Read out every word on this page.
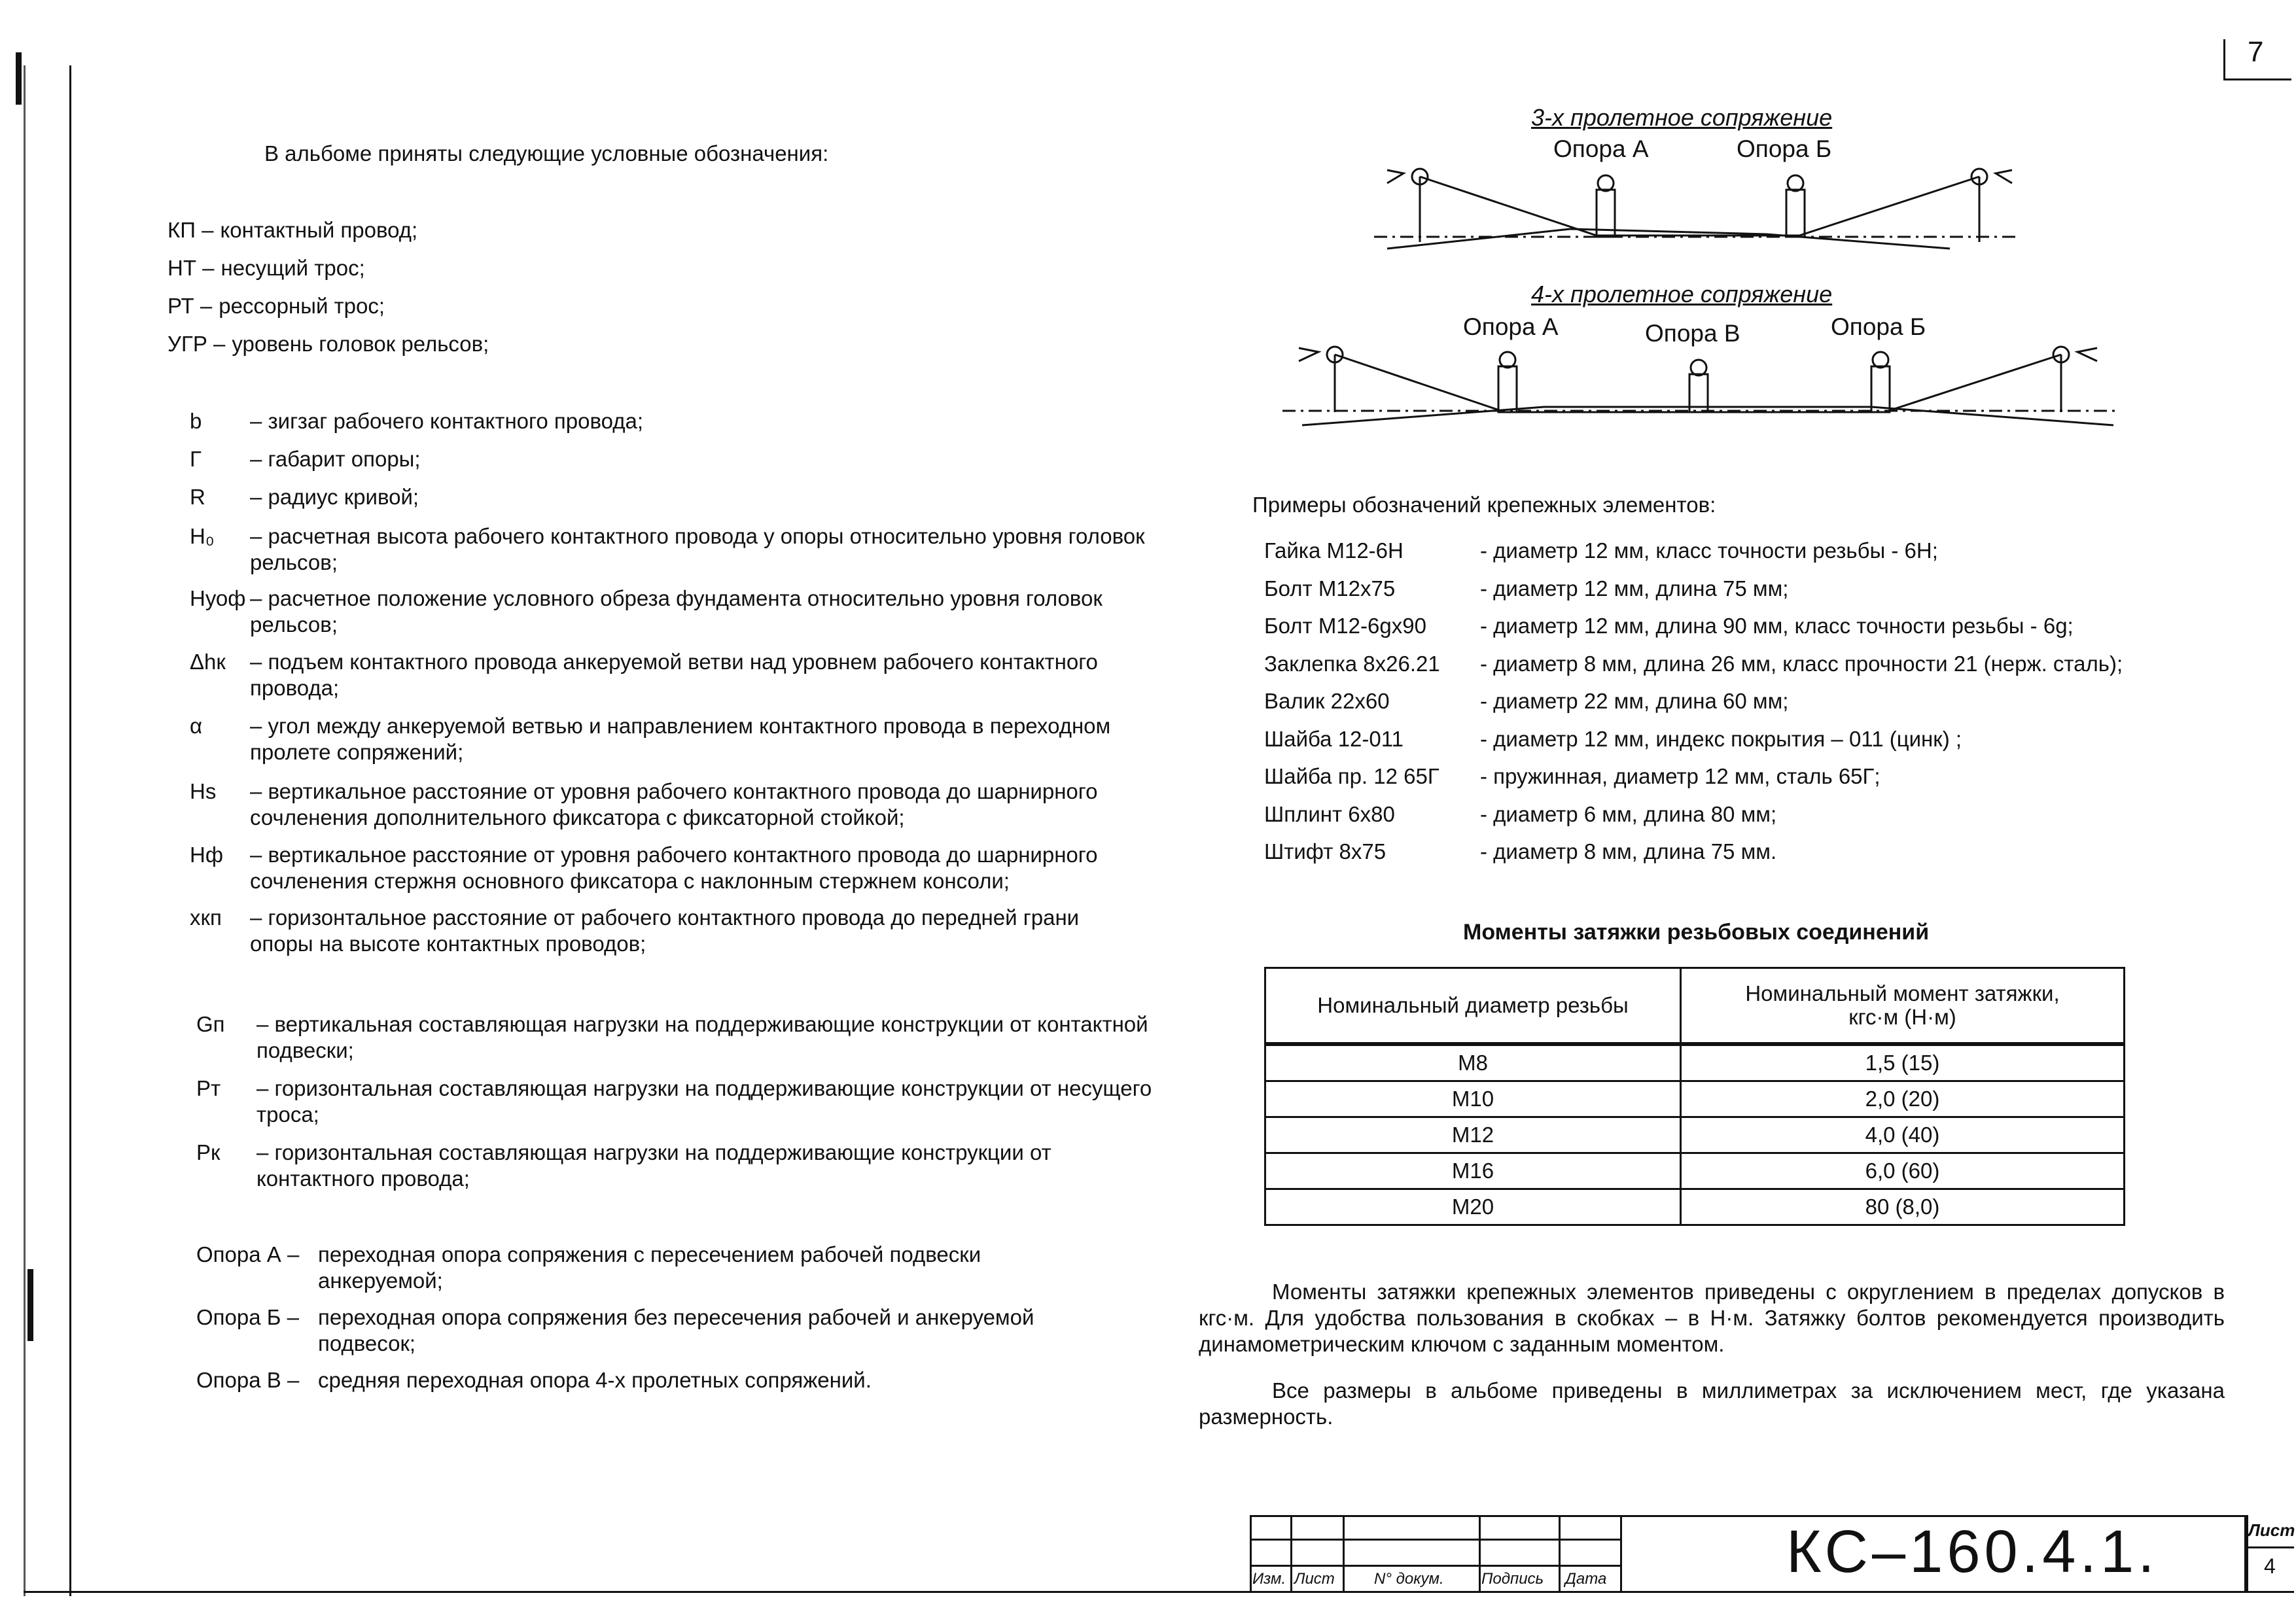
7
В альбоме приняты следующие условные обозначения:
КП – контактный провод;
НТ – несущий трос;
РТ – рессорный трос;
УГР – уровень головок рельсов;
b – зигзаг рабочего контактного провода;
Г – габарит опоры;
R – радиус кривой;
H₀ – расчетная высота рабочего контактного провода у опоры относительно уровня головок рельсов;
Hуоф – расчетное положение условного обреза фундамента относительно уровня головок рельсов;
Δhк – подъем контактного провода анкеруемой ветви над уровнем рабочего контактного провода;
α – угол между анкеруемой ветвью и направлением контактного провода в переходном пролете сопряжений;
Hs – вертикальное расстояние от уровня рабочего контактного провода до шарнирного сочленения дополнительного фиксатора с фиксаторной стойкой;
Hф – вертикальное расстояние от уровня рабочего контактного провода до шарнирного сочленения стержня основного фиксатора с наклонным стержнем консоли;
xкп – горизонтальное расстояние от рабочего контактного провода до передней грани опоры на высоте контактных проводов;
Gп – вертикальная составляющая нагрузки на поддерживающие конструкции от контактной подвески;
Pт – горизонтальная составляющая нагрузки на поддерживающие конструкции от несущего троса;
Pк – горизонтальная составляющая нагрузки на поддерживающие конструкции от контактного провода;
Опора А – переходная опора сопряжения с пересечением рабочей подвески анкеруемой;
Опора Б – переходная опора сопряжения без пересечения рабочей и анкеруемой подвесок;
Опора В – средняя переходная опора 4-х пролетных сопряжений.
3-х пролетное сопряжение
Опора А	Опора Б
4-х пролетное сопряжение
Опора А	Опора В	Опора Б
Примеры обозначений крепежных элементов:
Гайка М12-6Н	- диаметр 12 мм, класс точности резьбы - 6Н;
Болт М12х75	- диаметр 12 мм, длина 75 мм;
Болт М12-6gх90 - диаметр 12 мм, длина 90 мм, класс точности резьбы - 6g;
Заклепка 8х26.21 - диаметр 8 мм, длина 26 мм, класс прочности 21 (нерж. сталь);
Валик 22х60	- диаметр 22 мм, длина 60 мм;
Шайба 12-011	- диаметр 12 мм, индекс покрытия – 011 (цинк) ;
Шайба пр. 12 65Г - пружинная, диаметр 12 мм, сталь 65Г;
Шплинт 6х80	- диаметр 6 мм, длина 80 мм;
Штифт 8х75	- диаметр 8 мм, длина 75 мм.
Моменты затяжки резьбовых соединений
Номинальный диаметр резьбы	Номинальный момент затяжки,
кгс·м (Н·м)

М8	1,5 (15)
М10	2,0 (20)
М12	4,0 (40)
М16	6,0 (60)
М20	80 (8,0)
Моменты затяжки крепежных элементов приведены с округлением в пределах допусков в кгс·м. Для удобства пользования в скобках – в Н·м. Затяжку болтов рекомендуется производить динамометрическим ключом с заданным моментом.
Все размеры в альбоме приведены в миллиметрах за исключением мест, где указана размерность.
Изм. Лист	N° докум. Подпись Дата	КС–160.4.1.	Лист
4
